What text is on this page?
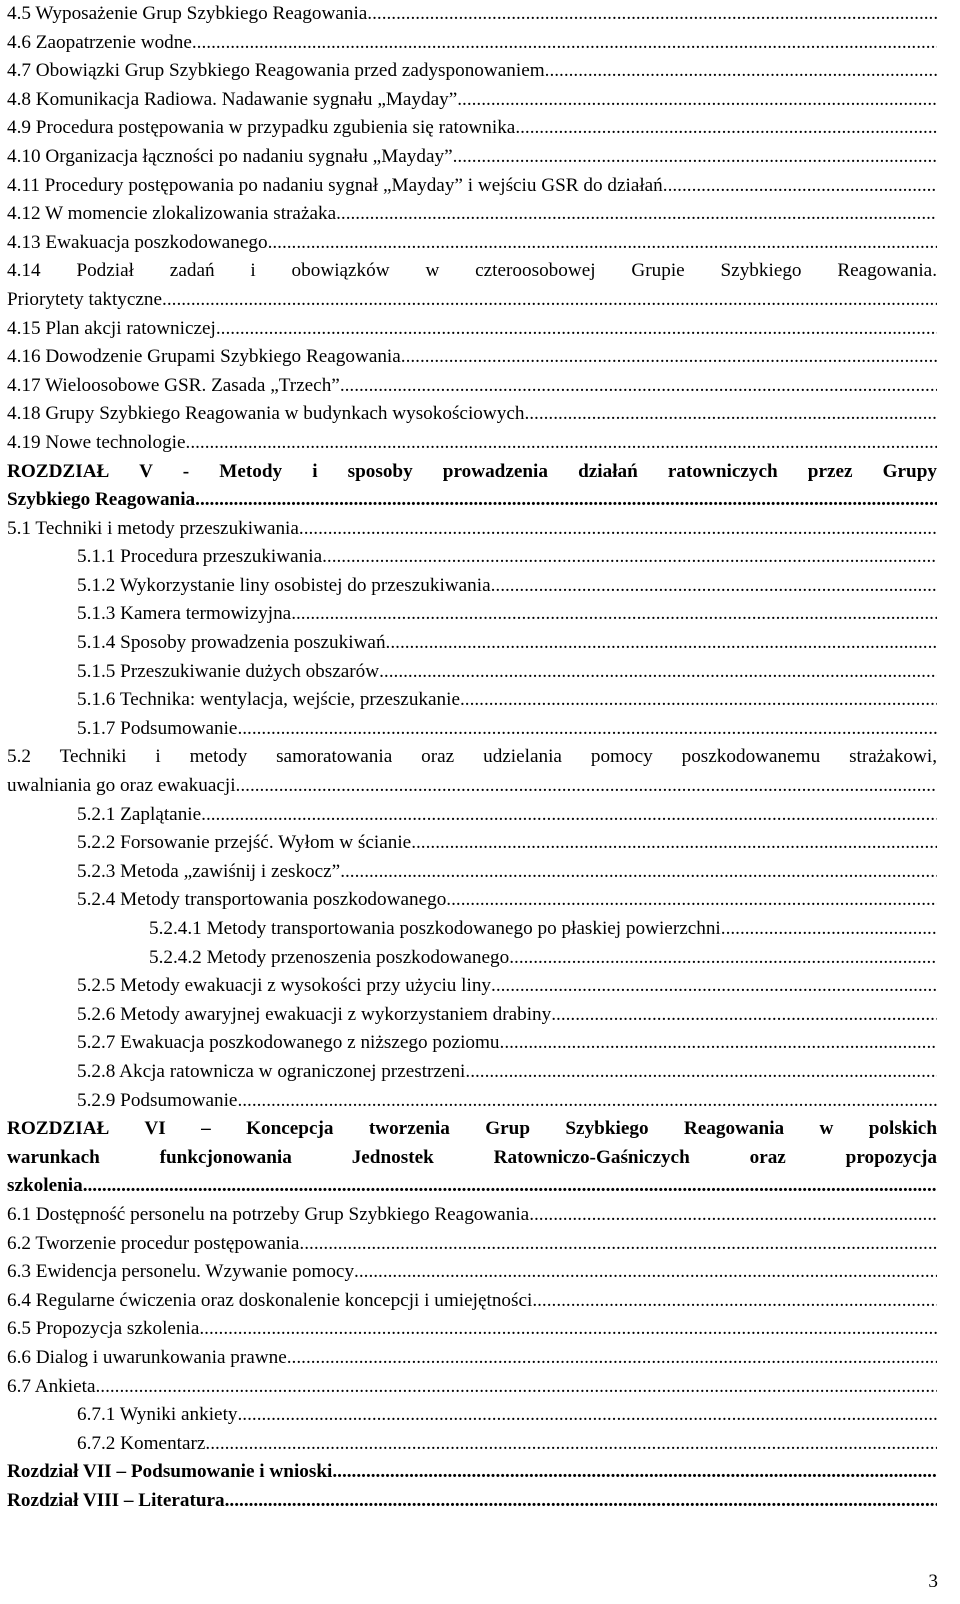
4.5 Wyposażenie Grup Szybkiego Reagowania
.....
4.6 Zaopatrzenie wodne
.....
4.7 Obowiązki Grup Szybkiego Reagowania przed zadysponowaniem
.....
4.8 Komunikacja Radiowa. Nadawanie sygnału „Mayday”
.....
4.9 Procedura postępowania w przypadku zgubienia się ratownika
.....
4.10 Organizacja łączności po nadaniu sygnału „Mayday”
.....
4.11 Procedury postępowania po nadaniu sygnał „Mayday” i wejściu GSR do działań
.....
4.12 W momencie zlokalizowania strażaka
.....
4.13 Ewakuacja poszkodowanego
.....
4.14 Podział zadań i obowiązków w czteroosobowej Grupie Szybkiego Reagowania.
Priorytety taktyczne
.....
4.15 Plan akcji ratowniczej
.....
4.16 Dowodzenie Grupami Szybkiego Reagowania
.....
4.17 Wieloosobowe GSR. Zasada „Trzech”
.....
4.18 Grupy Szybkiego Reagowania w budynkach wysokościowych
.....
4.19 Nowe technologie
.....
ROZDZIAŁ V - Metody i sposoby prowadzenia działań ratowniczych przez Grupy
Szybkiego Reagowania.
.....
5.1 Techniki i metody przeszukiwania
.....
5.1.1 Procedura przeszukiwania
.....
5.1.2 Wykorzystanie liny osobistej do przeszukiwania
.....
5.1.3 Kamera termowizyjna
.....
5.1.4 Sposoby prowadzenia poszukiwań
.....
5.1.5 Przeszukiwanie dużych obszarów
.....
5.1.6 Technika: wentylacja, wejście, przeszukanie
.....
5.1.7 Podsumowanie
.....
5.2 Techniki i metody samoratowania oraz udzielania pomocy poszkodowanemu strażakowi,
uwalniania go oraz ewakuacji.
.....
5.2.1 Zaplątanie
.....
5.2.2 Forsowanie przejść. Wyłom w ścianie.
.....
5.2.3 Metoda „zawiśnij i zeskocz”
.....
5.2.4 Metody transportowania poszkodowanego.
.....
5.2.4.1 Metody transportowania poszkodowanego po płaskiej powierzchni
.....
5.2.4.2 Metody przenoszenia poszkodowanego.
.....
5.2.5 Metody ewakuacji z wysokości przy użyciu liny
.....
5.2.6 Metody awaryjnej ewakuacji z wykorzystaniem drabiny
.....
5.2.7 Ewakuacja poszkodowanego z niższego poziomu.
.....
5.2.8 Akcja ratownicza w ograniczonej przestrzeni
.....
5.2.9 Podsumowanie
.....
ROZDZIAŁ VI – Koncepcja tworzenia Grup Szybkiego Reagowania w polskich
warunkach funkcjonowania Jednostek Ratowniczo-Gaśniczych oraz propozycja
szkolenia
.....
6.1 Dostępność personelu na potrzeby Grup Szybkiego Reagowania
.....
6.2 Tworzenie procedur postępowania
.....
6.3 Ewidencja personelu. Wzywanie pomocy
.....
6.4 Regularne ćwiczenia oraz doskonalenie koncepcji i umiejętności.
.....
6.5 Propozycja szkolenia.
.....
6.6 Dialog i uwarunkowania prawne.
.....
6.7 Ankieta
.....
6.7.1 Wyniki ankiety
.....
6.7.2 Komentarz
.....
Rozdział VII – Podsumowanie i wnioski
.....
Rozdział VIII – Literatura
.....
3
